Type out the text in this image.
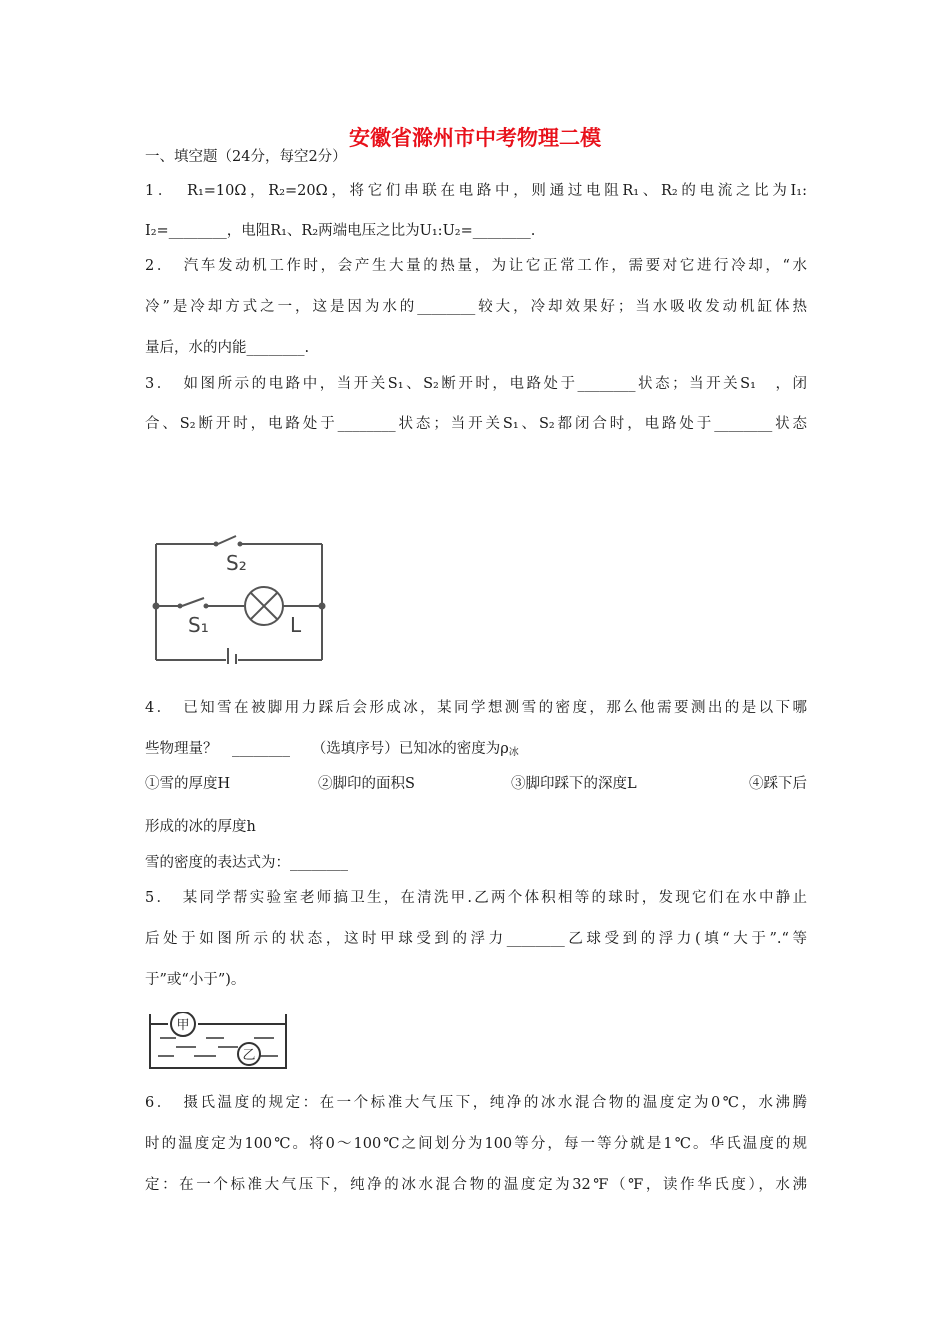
安徽省滁州市中考物理二模
一、填空题（24分，每空2分）
1．　R₁=10Ω，R₂=20Ω，将它们串联在电路中，则通过电阻R₁、R₂的电流之比为I₁:
I₂=________，电阻R₁、R₂两端电压之比为U₁:U₂=________.
2．　汽车发动机工作时，会产生大量的热量，为让它正常工作，需要对它进行冷却，“水
冷”是冷却方式之一，这是因为水的________较大，冷却效果好；当水吸收发动机缸体热
量后，水的内能________.
3．　如图所示的电路中，当开关S₁、S₂断开时，电路处于________状态；当开关S₁　，闭
合、S₂断开时，电路处于________状态；当开关S₁、S₂都闭合时，电路处于________状态
S₂
S₁	L
4．　已知雪在被脚用力踩后会形成冰，某同学想测雪的密度，那么他需要测出的是以下哪
些物理量？　________　　（选填序号）已知冰的密度为$\rho_冰$
①雪的厚度H	②脚印的面积S	③脚印踩下的深度L	④踩下后
形成的冰的厚度h
雪的密度的表达式为：________
5．　某同学帮实验室老师搞卫生，在清洗甲.乙两个体积相等的球时，发现它们在水中静止
后处于如图所示的状态，这时甲球受到的浮力________乙球受到的浮力(填“大于”.“等
于”或“小于”)。
甲
乙
6．　摄氏温度的规定：在一个标准大气压下，纯净的冰水混合物的温度定为0℃，水沸腾
时的温度定为100℃。将0～100℃之间划分为100等分，每一等分就是1℃。华氏温度的规
定：在一个标准大气压下，纯净的冰水混合物的温度定为32℉（℉，读作华氏度），水沸
